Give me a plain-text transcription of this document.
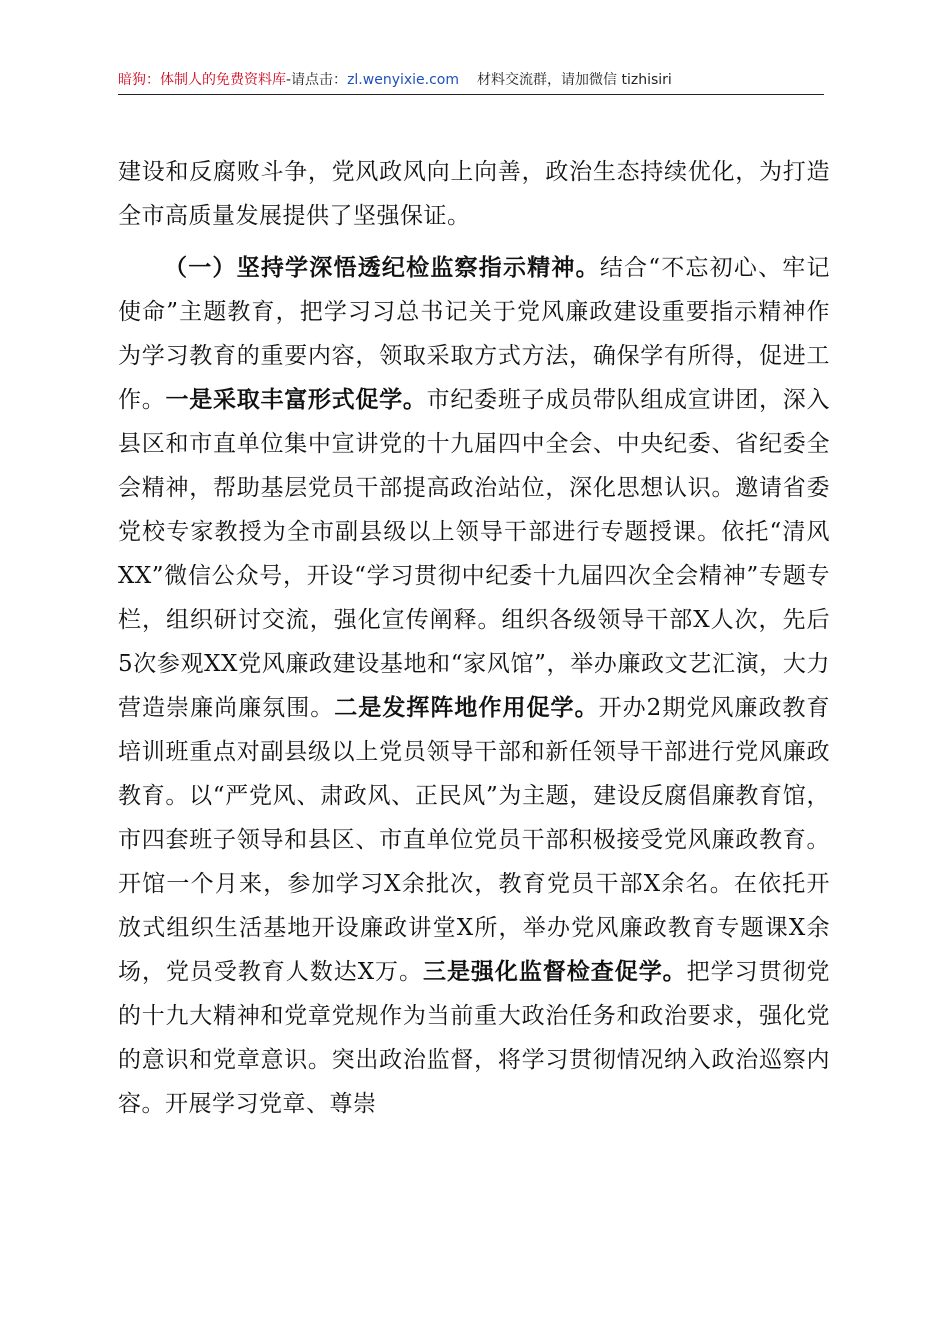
暗狗：体制人的免费资料库-请点击：zl.wenyixie.com 材料交流群，请加微信 tizhisiri

建设和反腐败斗争，党风政风向上向善，政治生态持续优化，为打造全市高质量发展提供了坚强保证。

（一）坚持学深悟透纪检监察指示精神。结合“不忘初心、牢记使命”主题教育，把学习习总书记关于党风廉政建设重要指示精神作为学习教育的重要内容，领取采取方式方法，确保学有所得，促进工作。一是采取丰富形式促学。市纪委班子成员带队组成宣讲团，深入县区和市直单位集中宣讲党的十九届四中全会、中央纪委、省纪委全会精神，帮助基层党员干部提高政治站位，深化思想认识。邀请省委党校专家教授为全市副县级以上领导干部进行专题授课。依托“清风XX”微信公众号，开设“学习贯彻中纪委十九届四次全会精神”专题专栏，组织研讨交流，强化宣传阐释。组织各级领导干部X人次，先后5次参观XX党风廉政建设基地和“家风馆”，举办廉政文艺汇演，大力营造崇廉尚廉氛围。二是发挥阵地作用促学。开办2期党风廉政教育培训班重点对副县级以上党员领导干部和新任领导干部进行党风廉政教育。以“严党风、肃政风、正民风”为主题，建设反腐倡廉教育馆，市四套班子领导和县区、市直单位党员干部积极接受党风廉政教育。开馆一个月来，参加学习X余批次，教育党员干部X余名。在依托开放式组织生活基地开设廉政讲堂X所，举办党风廉政教育专题课X余场，党员受教育人数达X万。三是强化监督检查促学。把学习贯彻党的十九大精神和党章党规作为当前重大政治任务和政治要求，强化党的意识和党章意识。突出政治监督，将学习贯彻情况纳入政治巡察内容。开展学习党章、尊崇
